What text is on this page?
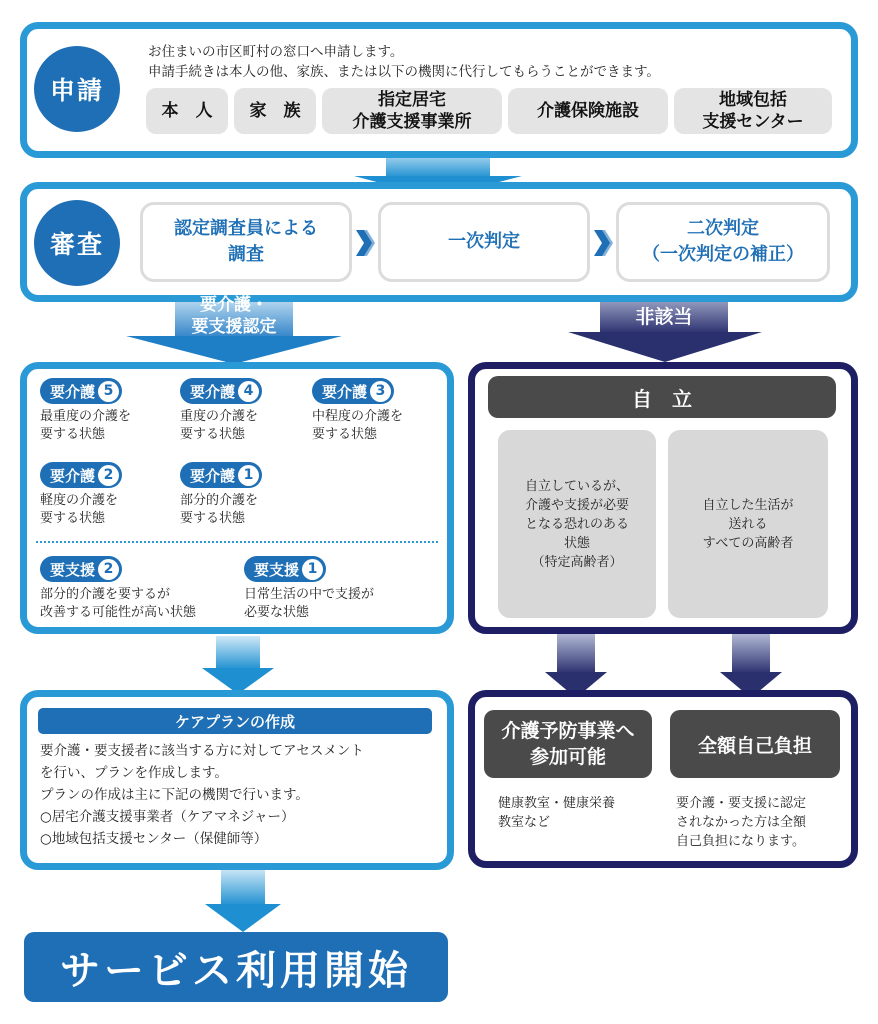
申請
お住まいの市区町村の窓口へ申請します。
申請手続きは本人の他、家族、または以下の機関に代行してもらうことができます。
本　人 家　族
指定居宅
介護支援事業所
介護保険施設
地域包括
支援センター
審査
認定調査員による
調査
一次判定
二次判定
（一次判定の補正）
要介護・
要支援認定	非該当
要介護 5
最重度の介護を
要する状態
要介護 4
重度の介護を
要する状態
要介護 3
中程度の介護を
要する状態
要介護 2
軽度の介護を
要する状態
要介護 1
部分的介護を
要する状態
要支援 2
部分的介護を要するが
改善する可能性が高い状態
要支援 1
日常生活の中で支援が
必要な状態
ケアプランの作成
要介護・要支援者に該当する方に対してアセスメント
を行い、プランを作成します。
プランの作成は主に下記の機関で行います。
○居宅介護支援事業者（ケアマネジャー）
○地域包括支援センター（保健師等）
サービス利用開始
自　立
自立しているが、
介護や支援が必要
となる恐れのある
状態
（特定高齢者）
自立した生活が
送れる
すべての高齢者
介護予防事業へ
参加可能
健康教室・健康栄養
教室など
全額自己負担
要介護・要支援に認定
されなかった方は全額
自己負担になります。
